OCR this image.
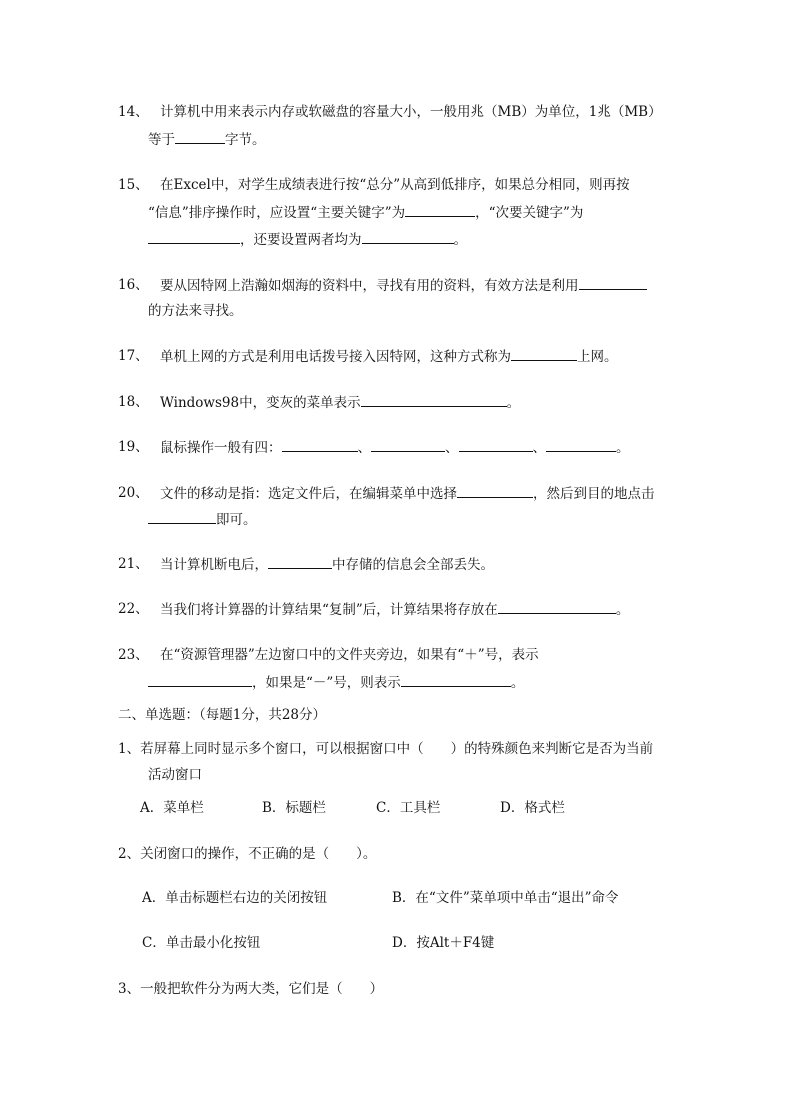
14、 计算机中用来表示内存或软磁盘的容量大小，一般用兆（MB）为单位，1兆（MB）
等于	字节。
15、 在Excel中，对学生成绩表进行按“总分”从高到低排序，如果总分相同，则再按
“信息”排序操作时，应设置“主要关键字”为	，“次要关键字”为
，还要设置两者均为	。
16、 要从因特网上浩瀚如烟海的资料中，寻找有用的资料，有效方法是利用
的方法来寻找。
17、 单机上网的方式是利用电话拨号接入因特网，这种方式称为	上网。
18、 Windows98中，变灰的菜单表示	。
19、 鼠标操作一般有四：	、	、	、	。
20、 文件的移动是指：选定文件后，在编辑菜单中选择	，然后到目的地点击
即可。
21、 当计算机断电后，	中存储的信息会全部丢失。
22、 当我们将计算器的计算结果“复制”后，计算结果将存放在	。
23、 在“资源管理器”左边窗口中的文件夹旁边，如果有“＋”号，表示
，如果是“－”号，则表示	。
二、单选题：（每题1分，共28分）
1、若屏幕上同时显示多个窗口，可以根据窗口中（　　）的特殊颜色来判断它是否为当前
活动窗口
A．菜单栏	B．标题栏	C．工具栏	D．格式栏
2、关闭窗口的操作，不正确的是（　　）。
A．单击标题栏右边的关闭按钮	B．在“文件”菜单项中单击“退出”命令
C．单击最小化按钮	D．按Alt＋F4键
3、一般把软件分为两大类，它们是（　　）
